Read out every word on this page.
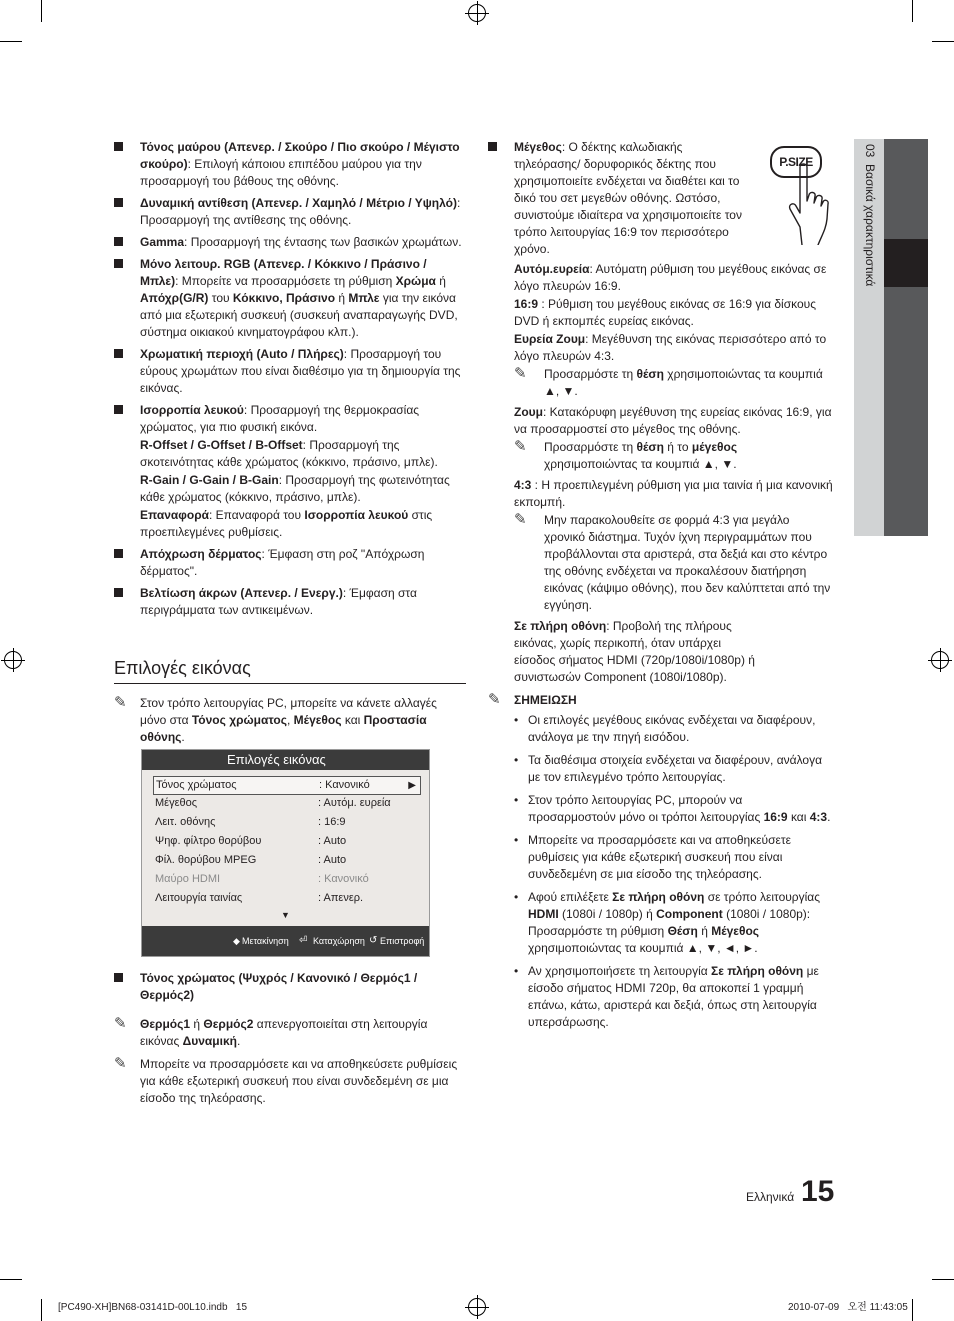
03  Βασικά χαρακτηριστικά
Τόνος μαύρου (Απενερ. / Σκούρο / Πιο σκούρο / Μέγιστο σκούρο): Επιλογή κάποιου επιπέδου μαύρου για την προσαρμογή του βάθους της οθόνης.
Δυναμική αντίθεση (Απενερ. / Χαμηλό / Μέτριο / Υψηλό): Προσαρμογή της αντίθεσης της οθόνης.
Gamma: Προσαρμογή της έντασης των βασικών χρωμάτων.
Μόνο λειτουρ. RGB (Απενερ. / Κόκκινο / Πράσινο / Μπλε): Μπορείτε να προσαρμόσετε τη ρύθμιση Χρώμα ή Απόχρ(G/R) του Κόκκινο, Πράσινο ή Μπλε για την εικόνα από μια εξωτερική συσκευή (συσκευή αναπαραγωγής DVD, σύστημα οικιακού κινηματογράφου κλπ.).
Χρωματική περιοχή (Auto / Πλήρες): Προσαρμογή του εύρους χρωμάτων που είναι διαθέσιμο για τη δημιουργία της εικόνας.
Ισορροπία λευκού: Προσαρμογή της θερμοκρασίας χρώματος, για πιο φυσική εικόνα.
R-Offset / G-Offset / B-Offset: Προσαρμογή της σκοτεινότητας κάθε χρώματος (κόκκινο, πράσινο, μπλε).
R-Gain / G-Gain / B-Gain: Προσαρμογή της φωτεινότητας κάθε χρώματος (κόκκινο, πράσινο, μπλε).
Επαναφορά: Επαναφορά του Ισορροπία λευκού στις προεπιλεγμένες ρυθμίσεις.
Απόχρωση δέρματος: Έμφαση στη ροζ "Απόχρωση δέρματος".
Βελτίωση άκρων (Απενερ. / Ενεργ.): Έμφαση στα περιγράμματα των αντικειμένων.
Επιλογές εικόνας
✎ Στον τρόπο λειτουργίας PC, μπορείτε να κάνετε αλλαγές μόνο στα Τόνος χρώματος, Μέγεθος και Προστασία οθόνης.
Επιλογές εικόνας
Τόνος χρώματος	: Κανονικό	▶
Μέγεθος	: Αυτόμ. ευρεία
Λειτ. οθόνης	: 16:9
Ψηφ. φίλτρο θορύβου	: Auto
Φίλ. θορύβου MPEG	: Auto
Μαύρο HDMI	: Κανονικό
Λειτουργία ταινίας	: Απενερ.
▼
◆ Μετακίνηση ⏎ Καταχώρηση ↺ Επιστροφή
Τόνος χρώματος (Ψυχρός / Κανονικό / Θερμός1 / Θερμός2)
✎ Θερμός1 ή Θερμός2 απενεργοποιείται στη λειτουργία εικόνας Δυναμική.
✎ Μπορείτε να προσαρμόσετε και να αποθηκεύσετε ρυθμίσεις για κάθε εξωτερική συσκευή που είναι συνδεδεμένη σε μια είσοδο της τηλεόρασης.
Μέγεθος: Ο δέκτης καλωδιακής τηλεόρασης/ δορυφορικός δέκτης που χρησιμοποιείτε ενδέχεται να διαθέτει και το δικό του σετ μεγεθών οθόνης. Ωστόσο, συνιστούμε ιδιαίτερα να χρησιμοποιείτε τον τρόπο λειτουργίας 16:9 τον περισσότερο χρόνο.
Αυτόμ.ευρεία: Αυτόματη ρύθμιση του μεγέθους εικόνας σε λόγο πλευρών 16:9.
16:9 : Ρύθμιση του μεγέθους εικόνας σε 16:9 για δίσκους DVD ή εκπομπές ευρείας εικόνας.
Ευρεία Ζουμ: Μεγέθυνση της εικόνας περισσότερο από το λόγο πλευρών 4:3.
✎ Προσαρμόστε τη θέση χρησιμοποιώντας τα κουμπιά ▲, ▼.
Ζουμ: Κατακόρυφη μεγέθυνση της ευρείας εικόνας 16:9, για να προσαρμοστεί στο μέγεθος της οθόνης.
✎ Προσαρμόστε τη θέση ή το μέγεθος χρησιμοποιώντας τα κουμπιά ▲, ▼.
4:3 : Η προεπιλεγμένη ρύθμιση για μια ταινία ή μια κανονική εκπομπή.
✎ Μην παρακολουθείτε σε φορμά 4:3 για μεγάλο χρονικό διάστημα. Τυχόν ίχνη περιγραμμάτων που προβάλλονται στα αριστερά, στα δεξιά και στο κέντρο της οθόνης ενδέχεται να προκαλέσουν διατήρηση εικόνας (κάψιμο οθόνης), που δεν καλύπτεται από την εγγύηση.
Σε πλήρη οθόνη: Προβολή της πλήρους εικόνας, χωρίς περικοπή, όταν υπάρχει είσοδος σήματος HDMI (720p/1080i/1080p) ή συνιστωσών Component (1080i/1080p).
✎ ΣΗΜΕΙΩΣΗ
• Οι επιλογές μεγέθους εικόνας ενδέχεται να διαφέρουν, ανάλογα με την πηγή εισόδου.
• Τα διαθέσιμα στοιχεία ενδέχεται να διαφέρουν, ανάλογα με τον επιλεγμένο τρόπο λειτουργίας.
• Στον τρόπο λειτουργίας PC, μπορούν να προσαρμοστούν μόνο οι τρόποι λειτουργίας 16:9 και 4:3.
• Μπορείτε να προσαρμόσετε και να αποθηκεύσετε ρυθμίσεις για κάθε εξωτερική συσκευή που είναι συνδεδεμένη σε μια είσοδο της τηλεόρασης.
• Αφού επιλέξετε Σε πλήρη οθόνη σε τρόπο λειτουργίας HDMI (1080i / 1080p) ή Component (1080i / 1080p): Προσαρμόστε τη ρύθμιση Θέση ή Μέγεθος χρησιμοποιώντας τα κουμπιά ▲, ▼, ◄, ►.
• Αν χρησιμοποιήσετε τη λειτουργία Σε πλήρη οθόνη με είσοδο σήματος HDMI 720p, θα αποκοπεί 1 γραμμή επάνω, κάτω, αριστερά και δεξιά, όπως στη λειτουργία υπερσάρωσης.
P.SIZE
Ελληνικά 15
[PC490-XH]BN68-03141D-00L10.indb   15	2010-07-09   오전 11:43:05
